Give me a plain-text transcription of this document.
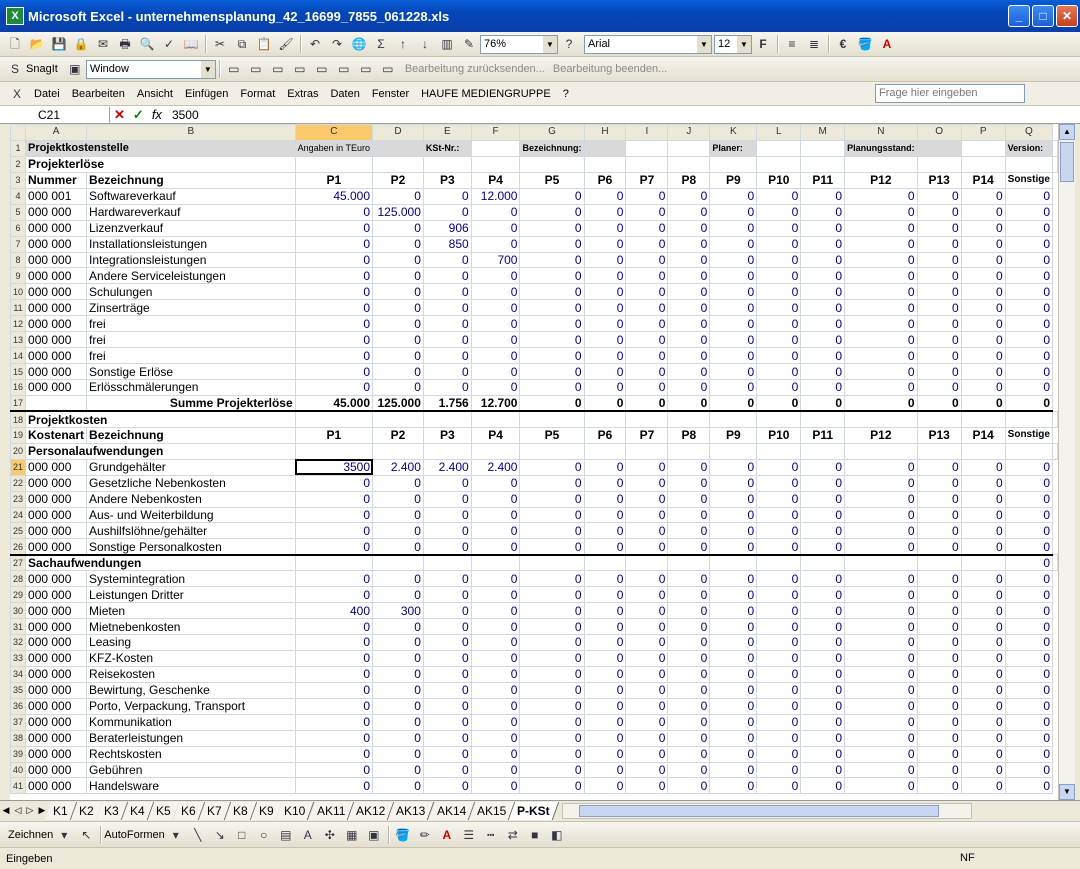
X Microsoft Excel - unternehmensplanung_42_16699_7855_061228.xls	_	□	✕
🗋 📂 💾 🔒 ✉ 🖶 🔍 ✓ 📖	✂	⧉ 📋 🖌	↶ ↷ 🌐 Σ	↑	↓	▥ ✎ 76%	▼ ?	Arial	▼ 12	▼ F	≡	≣	€ 🪣 A
S SnagIt ▣ Window	▼	▭ ▭ ▭ ▭ ▭ ▭ ▭ ▭	Bearbeitung zurücksenden... Bearbeitung beenden...
X	Datei	Bearbeiten	Ansicht	Einfügen	Format	Extras	Daten	Fenster	HAUFE MEDIENGRUPPE	?	Frage hier eingeben
C21	✕ ✓ fx 3500
	A	B	C	D	E	F	G	H	I	J	K	L	M	N	O	P	Q	
1	Projektkostenstelle		Angaben in TEuro		KSt-Nr.:		Bezeichnung:				Planer:			Planungsstand:			Version:	
2	Projekterlöse																	
3	Nummer	Bezeichnung	P1	P2	P3	P4	P5	P6	P7	P8	P9	P10	P11	P12	P13	P14	Sonstige	
4	000 001	Softwareverkauf	45.000	0	0	12.000	0	0	0	0	0	0	0	0	0	0	0	
5	000 000	Hardwareverkauf	0	125.000	0	0	0	0	0	0	0	0	0	0	0	0	0	
6	000 000	Lizenzverkauf	0	0	906	0	0	0	0	0	0	0	0	0	0	0	0	
7	000 000	Installationsleistungen	0	0	850	0	0	0	0	0	0	0	0	0	0	0	0	
8	000 000	Integrationsleistungen	0	0	0	700	0	0	0	0	0	0	0	0	0	0	0	
9	000 000	Andere Serviceleistungen	0	0	0	0	0	0	0	0	0	0	0	0	0	0	0	
10	000 000	Schulungen	0	0	0	0	0	0	0	0	0	0	0	0	0	0	0	
11	000 000	Zinserträge	0	0	0	0	0	0	0	0	0	0	0	0	0	0	0	
12	000 000	frei	0	0	0	0	0	0	0	0	0	0	0	0	0	0	0	
13	000 000	frei	0	0	0	0	0	0	0	0	0	0	0	0	0	0	0	
14	000 000	frei	0	0	0	0	0	0	0	0	0	0	0	0	0	0	0	
15	000 000	Sonstige Erlöse	0	0	0	0	0	0	0	0	0	0	0	0	0	0	0	
16	000 000	Erlösschmälerungen	0	0	0	0	0	0	0	0	0	0	0	0	0	0	0	
17		Summe Projekterlöse	45.000	125.000	1.756	12.700	0	0	0	0	0	0	0	0	0	0	0	
18	Projektkosten																	
19	Kostenart	Bezeichnung	P1	P2	P3	P4	P5	P6	P7	P8	P9	P10	P11	P12	P13	P14	Sonstige	
20	Personalaufwendungen																	
21	000 000	Grundgehälter	3500	2.400	2.400	2.400	0	0	0	0	0	0	0	0	0	0	0	
22	000 000	Gesetzliche Nebenkosten	0	0	0	0	0	0	0	0	0	0	0	0	0	0	0	
23	000 000	Andere Nebenkosten	0	0	0	0	0	0	0	0	0	0	0	0	0	0	0	
24	000 000	Aus- und Weiterbildung	0	0	0	0	0	0	0	0	0	0	0	0	0	0	0	
25	000 000	Aushilfslöhne/gehälter	0	0	0	0	0	0	0	0	0	0	0	0	0	0	0	
26	000 000	Sonstige Personalkosten	0	0	0	0	0	0	0	0	0	0	0	0	0	0	0	
27	Sachaufwendungen																0	
28	000 000	Systemintegration	0	0	0	0	0	0	0	0	0	0	0	0	0	0	0	
29	000 000	Leistungen Dritter	0	0	0	0	0	0	0	0	0	0	0	0	0	0	0	
30	000 000	Mieten	400	300	0	0	0	0	0	0	0	0	0	0	0	0	0	
31	000 000	Mietnebenkosten	0	0	0	0	0	0	0	0	0	0	0	0	0	0	0	
32	000 000	Leasing	0	0	0	0	0	0	0	0	0	0	0	0	0	0	0	
33	000 000	KFZ-Kosten	0	0	0	0	0	0	0	0	0	0	0	0	0	0	0	
34	000 000	Reisekosten	0	0	0	0	0	0	0	0	0	0	0	0	0	0	0	
35	000 000	Bewirtung, Geschenke	0	0	0	0	0	0	0	0	0	0	0	0	0	0	0	
36	000 000	Porto, Verpackung, Transport	0	0	0	0	0	0	0	0	0	0	0	0	0	0	0	
37	000 000	Kommunikation	0	0	0	0	0	0	0	0	0	0	0	0	0	0	0	
38	000 000	Beraterleistungen	0	0	0	0	0	0	0	0	0	0	0	0	0	0	0	
39	000 000	Rechtskosten	0	0	0	0	0	0	0	0	0	0	0	0	0	0	0	
40	000 000	Gebühren	0	0	0	0	0	0	0	0	0	0	0	0	0	0	0	
41	000 000	Handelsware	0	0	0	0	0	0	0	0	0	0	0	0	0	0	0	
▲
▼
◀ ◁ ▷ ▶ K1 K2 K3 K4 K5 K6 K7 K8 K9 K10 AK11 AK12 AK13 AK14 AK15 P-KSt
Zeichnen ▾	↖	AutoFormen ▾	╲	↘	□	○	▤	A	✣ ▦ ▣	🪣 ✏	A	☰	┅	⇄	■	◧
Eingeben	NF
